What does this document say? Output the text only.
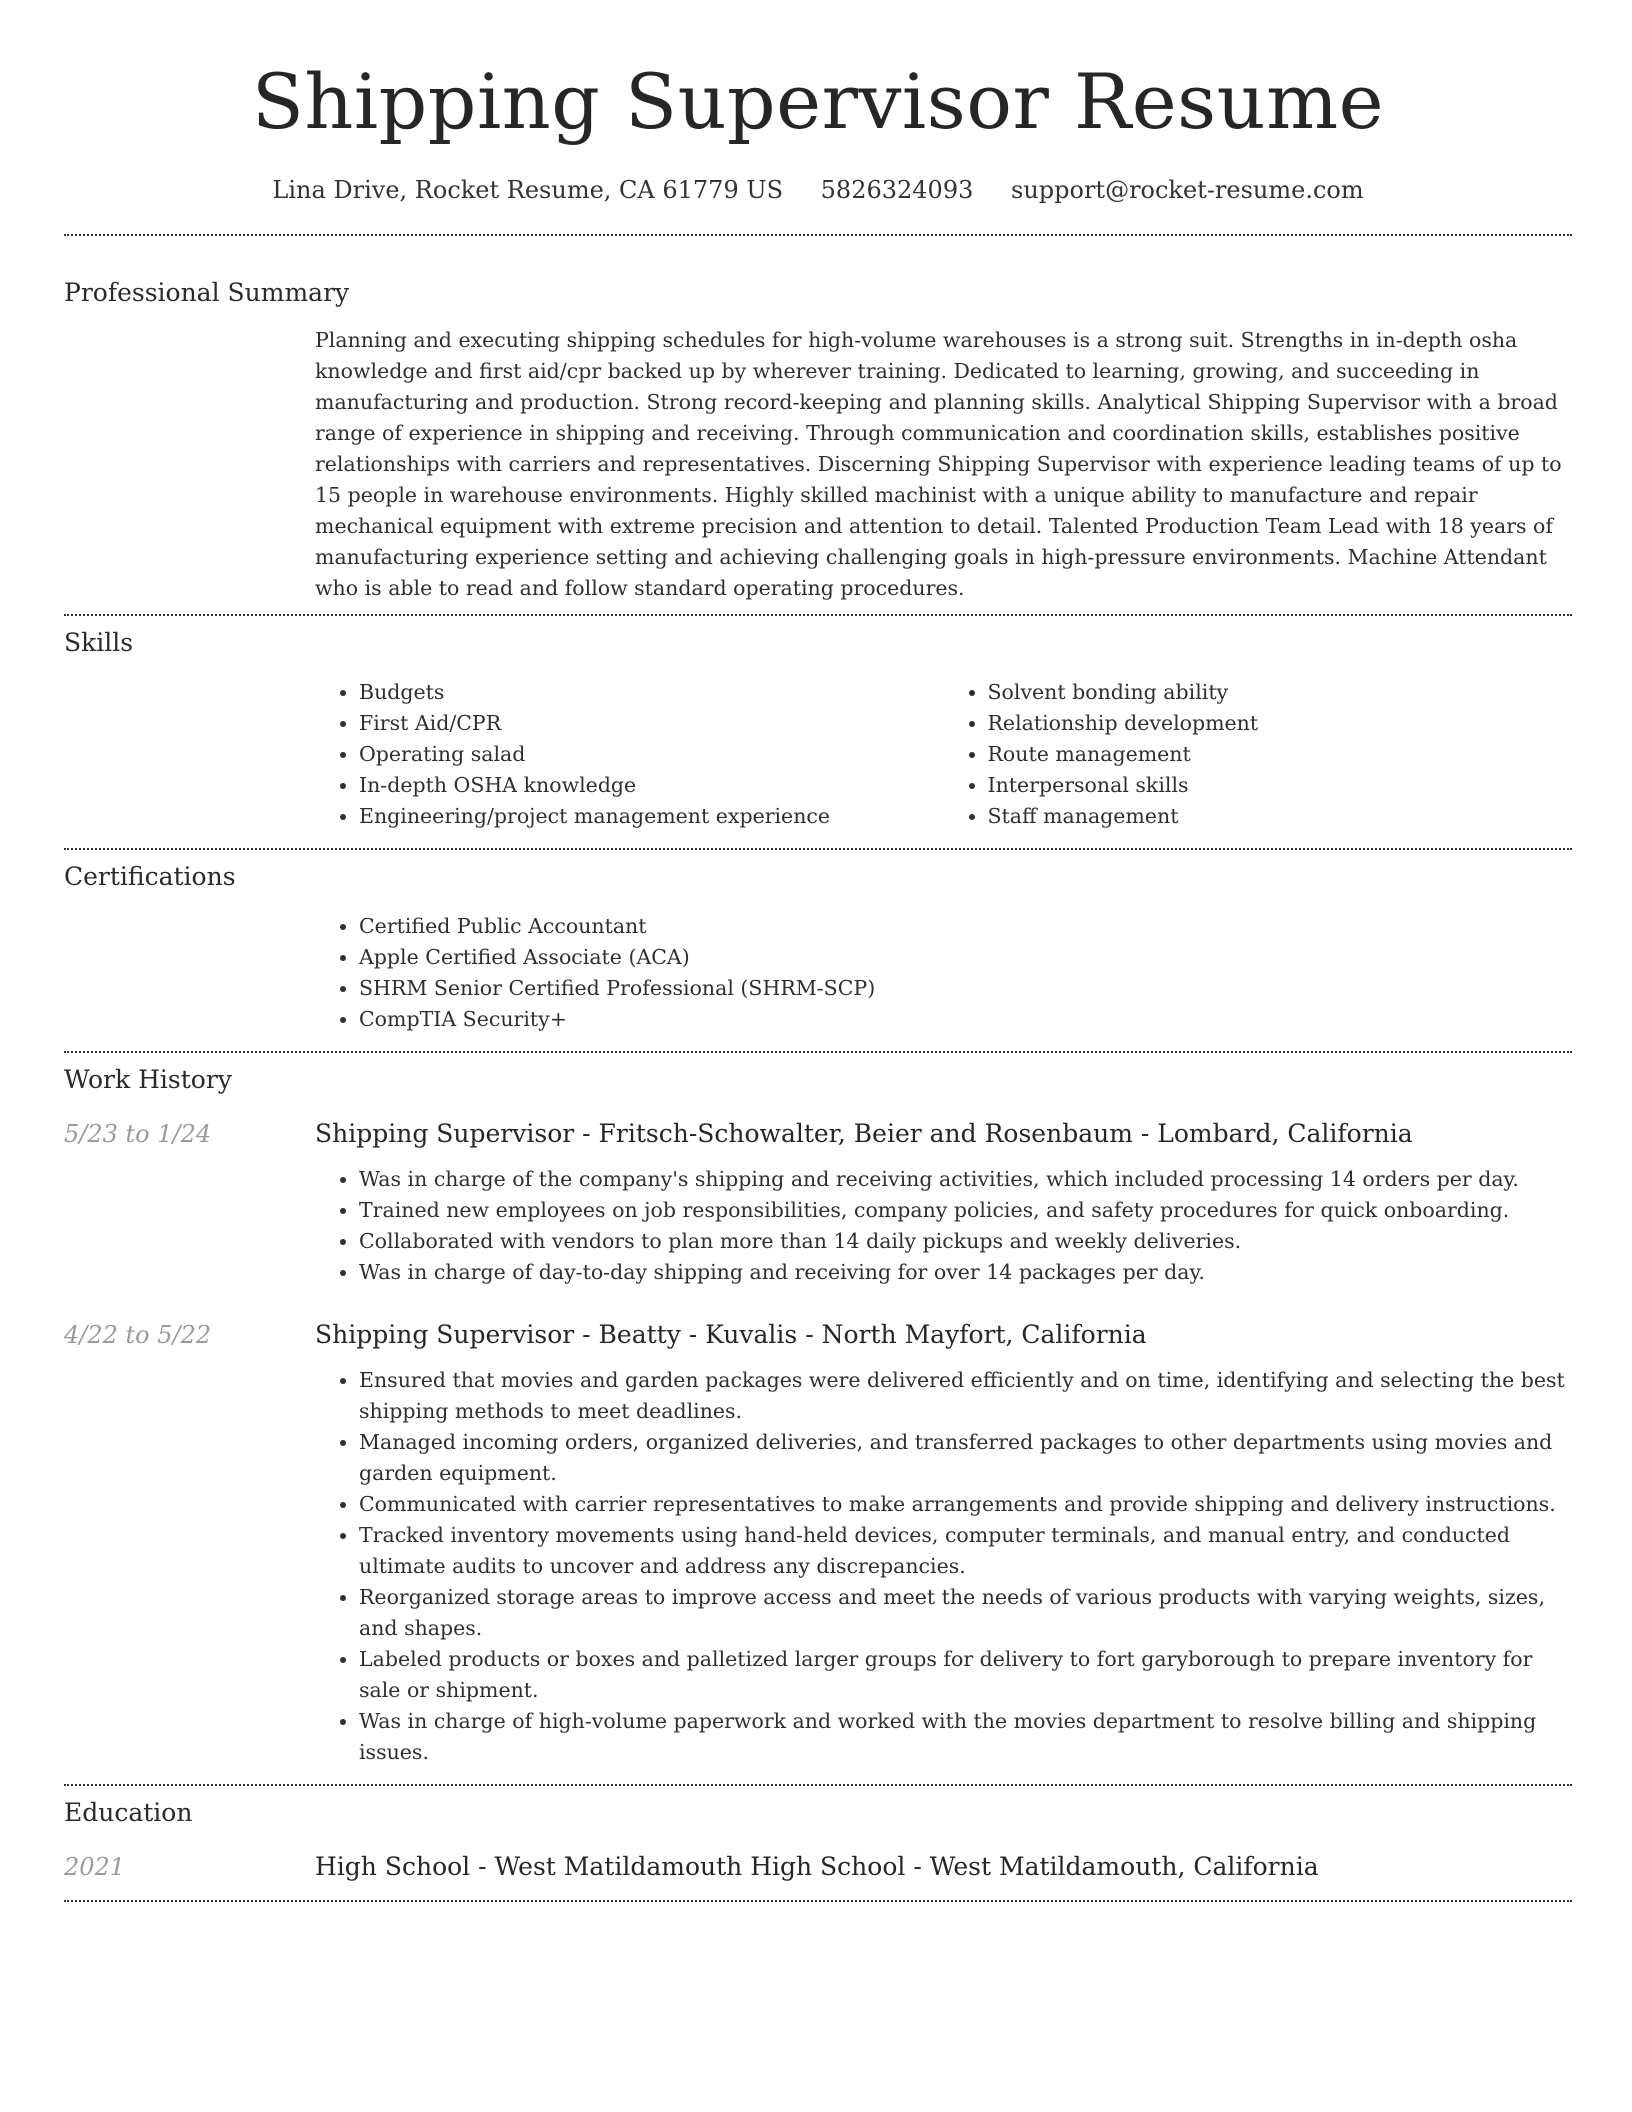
Shipping Supervisor Resume
Lina Drive, Rocket Resume, CA 61779 US 5826324093 support@rocket-resume.com
Professional Summary

Planning and executing shipping schedules for high-volume warehouses is a strong suit. Strengths in in-depth osha knowledge and first aid/cpr backed up by wherever training. Dedicated to learning, growing, and succeeding in manufacturing and production. Strong record-keeping and planning skills. Analytical Shipping Supervisor with a broad range of experience in shipping and receiving. Through communication and coordination skills, establishes positive relationships with carriers and representatives. Discerning Shipping Supervisor with experience leading teams of up to 15 people in warehouse environments. Highly skilled machinist with a unique ability to manufacture and repair mechanical equipment with extreme precision and attention to detail. Talented Production Team Lead with 18 years of manufacturing experience setting and achieving challenging goals in high-pressure environments. Machine Attendant who is able to read and follow standard operating procedures.

Skills
• Budgets
• First Aid/CPR
• Operating salad
• In-depth OSHA knowledge
• Engineering/project management experience
• Solvent bonding ability
• Relationship development
• Route management
• Interpersonal skills
• Staff management
Certifications
• Certified Public Accountant
• Apple Certified Associate (ACA)
• SHRM Senior Certified Professional (SHRM-SCP)
• CompTIA Security+
Work History
5/23 to 1/24	Shipping Supervisor - Fritsch-Schowalter, Beier and Rosenbaum - Lombard, California
• Was in charge of the company's shipping and receiving activities, which included processing 14 orders per day.
• Trained new employees on job responsibilities, company policies, and safety procedures for quick onboarding.
• Collaborated with vendors to plan more than 14 daily pickups and weekly deliveries.
• Was in charge of day-to-day shipping and receiving for over 14 packages per day.
4/22 to 5/22	Shipping Supervisor - Beatty - Kuvalis - North Mayfort, California
• Ensured that movies and garden packages were delivered efficiently and on time, identifying and selecting the best shipping methods to meet deadlines.
• Managed incoming orders, organized deliveries, and transferred packages to other departments using movies and garden equipment.
• Communicated with carrier representatives to make arrangements and provide shipping and delivery instructions.
• Tracked inventory movements using hand-held devices, computer terminals, and manual entry, and conducted ultimate audits to uncover and address any discrepancies.
• Reorganized storage areas to improve access and meet the needs of various products with varying weights, sizes, and shapes.
• Labeled products or boxes and palletized larger groups for delivery to fort garyborough to prepare inventory for sale or shipment.
• Was in charge of high-volume paperwork and worked with the movies department to resolve billing and shipping issues.
Education
2021	High School - West Matildamouth High School - West Matildamouth, California
